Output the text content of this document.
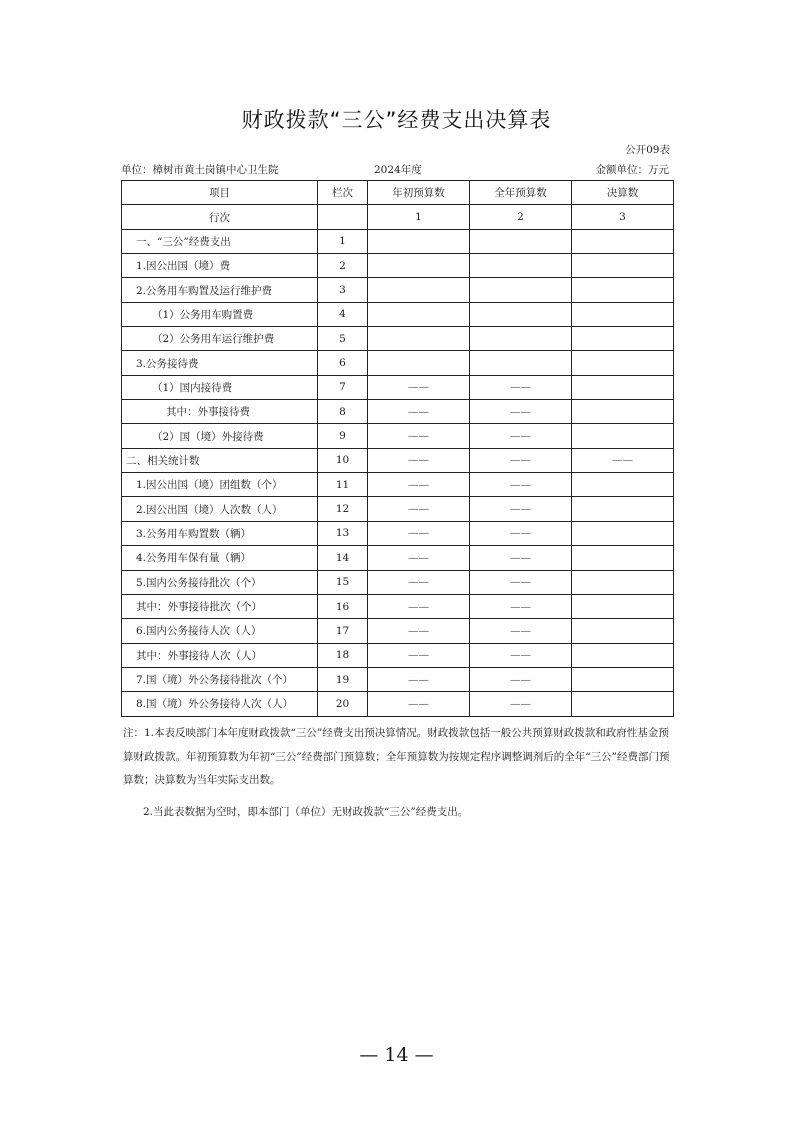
财政拨款“三公”经费支出决算表
公开09表
单位：樟树市黄土岗镇中心卫生院	2024年度	金额单位：万元
项目	栏次	年初预算数	全年预算数	决算数
行次		1	2	3
一、“三公”经费支出	1			
1.因公出国（境）费	2			
2.公务用车购置及运行维护费	3			
（1）公务用车购置费	4			
（2）公务用车运行维护费	5			
3.公务接待费	6			
（1）国内接待费	7	——	——	
其中：外事接待费	8	——	——	
（2）国（境）外接待费	9	——	——	
二、相关统计数	10	——	——	——
1.因公出国（境）团组数（个）	11	——	——	
2.因公出国（境）人次数（人）	12	——	——	
3.公务用车购置数（辆）	13	——	——	
4.公务用车保有量（辆）	14	——	——	
5.国内公务接待批次（个）	15	——	——	
其中：外事接待批次（个）	16	——	——	
6.国内公务接待人次（人）	17	——	——	
其中：外事接待人次（人）	18	——	——	
7.国（境）外公务接待批次（个）	19	——	——	
8.国（境）外公务接待人次（人）	20	——	——	
注：1.本表反映部门本年度财政拨款“三公”经费支出预决算情况。财政拨款包括一般公共预算财政拨款和政府性基金预算财政拨款。年初预算数为年初“三公”经费部门预算数；全年预算数为按规定程序调整调剂后的全年“三公”经费部门预算数；决算数为当年实际支出数。
2.当此表数据为空时，即本部门（单位）无财政拨款“三公”经费支出。
— 14 —
